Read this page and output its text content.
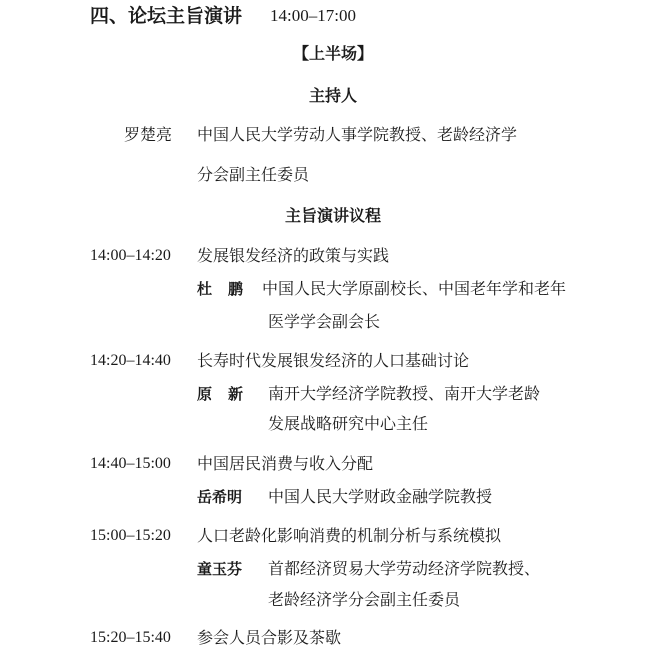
四、论坛主旨演讲 14:00–17:00
【上半场】
主持人
罗楚亮 中国人民大学劳动人事学院教授、老龄经济学
分会副主任委员
主旨演讲议程
14:00–14:20 发展银发经济的政策与实践
杜鹏 中国人民大学原副校长、中国老年学和老年
医学学会副会长
14:20–14:40 长寿时代发展银发经济的人口基础讨论
原新 南开大学经济学院教授、南开大学老龄
发展战略研究中心主任
14:40–15:00 中国居民消费与收入分配
岳希明 中国人民大学财政金融学院教授
15:00–15:20 人口老龄化影响消费的机制分析与系统模拟
童玉芬 首都经济贸易大学劳动经济学院教授、
老龄经济学分会副主任委员
15:20–15:40 参会人员合影及茶歇
